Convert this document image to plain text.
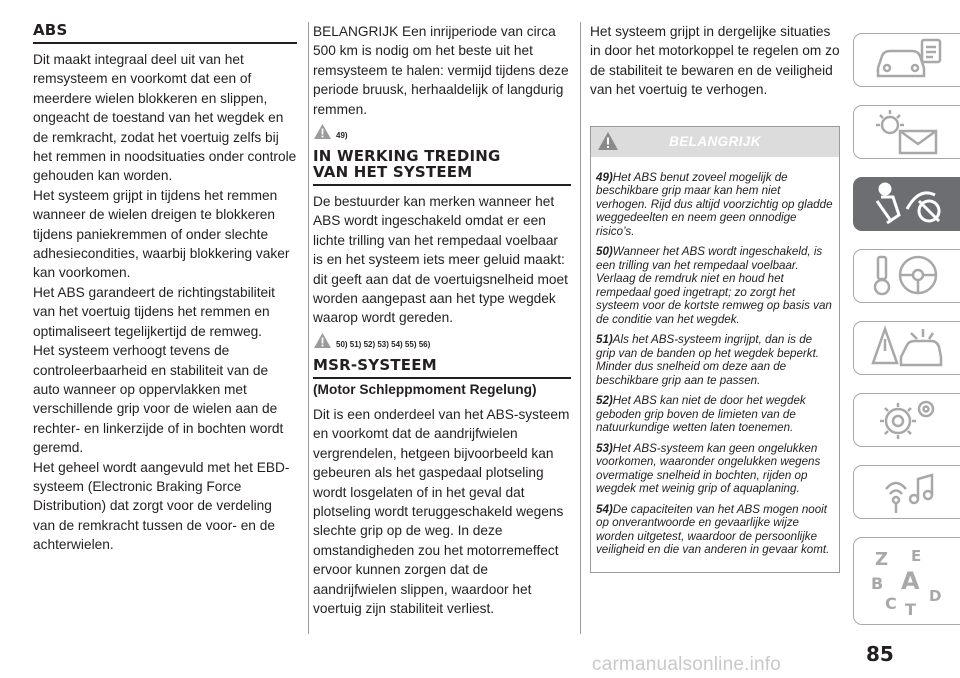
ABS

Dit maakt integraal deel uit van het remsysteem en voorkomt dat een of meerdere wielen blokkeren en slippen, ongeacht de toestand van het wegdek en de remkracht, zodat het voertuig zelfs bij het remmen in noodsituaties onder controle gehouden kan worden.

Het systeem grijpt in tijdens het remmen wanneer de wielen dreigen te blokkeren tijdens paniekremmen of onder slechte adhesiecondities, waarbij blokkering vaker kan voorkomen.

Het ABS garandeert de richtingstabiliteit van het voertuig tijdens het remmen en optimaliseert tegelijkertijd de remweg.

Het systeem verhoogt tevens de controleerbaarheid en stabiliteit van de auto wanneer op oppervlakken met verschillende grip voor de wielen aan de rechter- en linkerzijde of in bochten wordt geremd.

Het geheel wordt aangevuld met het EBD-systeem (Electronic Braking Force Distribution) dat zorgt voor de verdeling van de remkracht tussen de voor- en de achterwielen.

BELANGRIJK Een inrijperiode van circa 500 km is nodig om het beste uit het remsysteem te halen: vermijd tijdens deze periode bruusk, herhaaldelijk of langdurig remmen.

49)
IN WERKING TREDING
VAN HET SYSTEEM

De bestuurder kan merken wanneer het ABS wordt ingeschakeld omdat er een lichte trilling van het rempedaal voelbaar is en het systeem iets meer geluid maakt: dit geeft aan dat de voertuigsnelheid moet worden aangepast aan het type wegdek waarop wordt gereden.

50) 51) 52) 53) 54) 55) 56)
MSR-SYSTEEM

(Motor Schleppmoment Regelung)

Dit is een onderdeel van het ABS-systeem en voorkomt dat de aandrijfwielen vergrendelen, hetgeen bijvoorbeeld kan gebeuren als het gaspedaal plotseling wordt losgelaten of in het geval dat plotseling wordt teruggeschakeld wegens slechte grip op de weg. In deze omstandigheden zou het motorremeffect ervoor kunnen zorgen dat de aandrijfwielen slippen, waardoor het voertuig zijn stabiliteit verliest.

Het systeem grijpt in dergelijke situaties in door het motorkoppel te regelen om zo de stabiliteit te bewaren en de veiligheid van het voertuig te verhogen.

BELANGRIJK

49)Het ABS benut zoveel mogelijk de beschikbare grip maar kan hem niet verhogen. Rijd dus altijd voorzichtig op gladde weggedeelten en neem geen onnodige risico’s.

50)Wanneer het ABS wordt ingeschakeld, is een trilling van het rempedaal voelbaar. Verlaag de remdruk niet en houd het rempedaal goed ingetrapt; zo zorgt het systeem voor de kortste remweg op basis van de conditie van het wegdek.

51)Als het ABS-systeem ingrijpt, dan is de grip van de banden op het wegdek beperkt. Minder dus snelheid om deze aan de beschikbare grip aan te passen.

52)Het ABS kan niet de door het wegdek geboden grip boven de limieten van de natuurkundige wetten laten toenemen.

53)Het ABS-systeem kan geen ongelukken voorkomen, waaronder ongelukken wegens overmatige snelheid in bochten, rijden op wegdek met weinig grip of aquaplaning.

54)De capaciteiten van het ABS mogen nooit op onverantwoorde en gevaarlijke wijze worden uitgetest, waardoor de persoonlijke veiligheid en die van anderen in gevaar komt.	Z E
B A
C D
T
85
carmanualsonline.info
